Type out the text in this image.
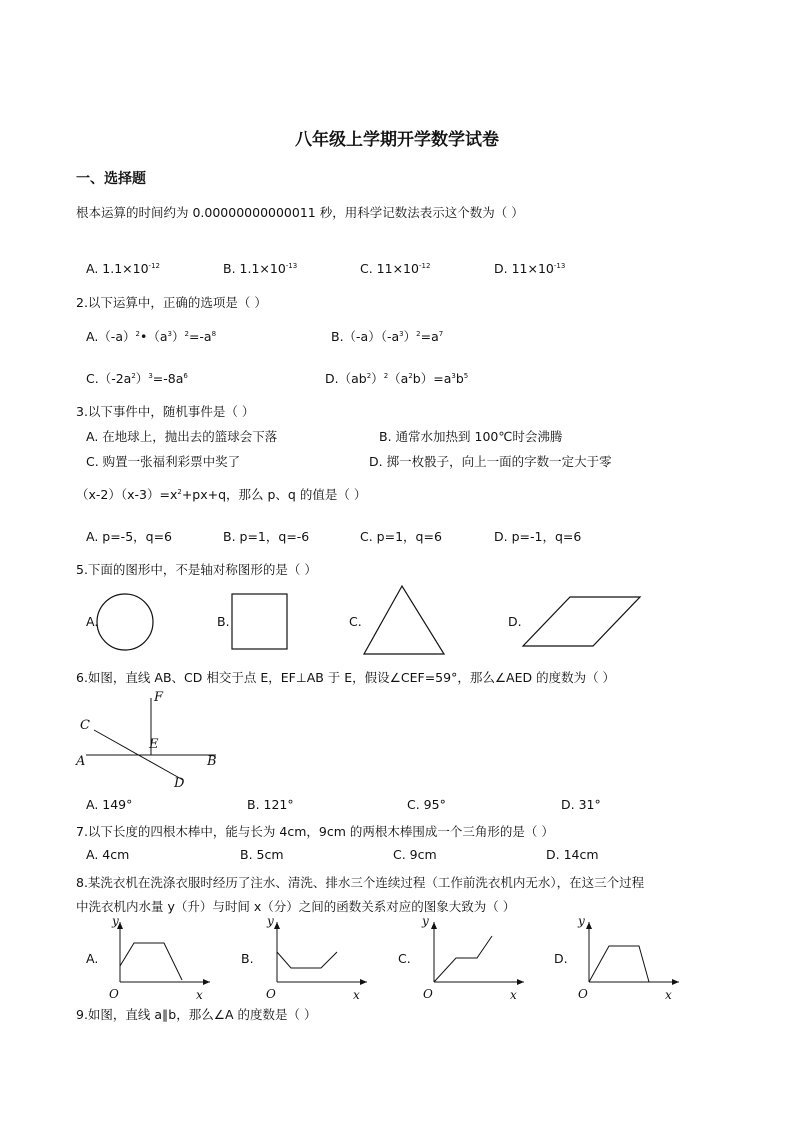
八年级上学期开学数学试卷
一、选择题
根本运算的时间约为 0.00000000000011 秒，用科学记数法表示这个数为（ ）
A. $1.1\times 10^{-12}$	B. $1.1\times 10^{-13}$	C. $11\times 10^{-12}$	D. $11\times 10^{-13}$
2.以下运算中，正确的选项是（ ）
$A.(-a)^2•(a^3)^2=-a^8$	$B.(-a)(-a^3)^2=a^7$
$C.(-2a^2)^3=-8a^6$	$D.(ab^2)^2(a^2b)=a^3b^5$
3.以下事件中，随机事件是（ ）
A. 在地球上，抛出去的篮球会下落	B. 通常水加热到 100℃时会沸腾
C. 购置一张福利彩票中奖了	D. 掷一枚骰子，向上一面的字数一定大于零
$(x-2)(x-3)=x^2+px+q$，那么 p、q 的值是（ ）
A. p=-5，q=6	B. p=1，q=-6	C. p=1，q=6	D. p=-1，q=6
5.下面的图形中，不是轴对称图形的是（ ）
A.	B.	C.	D.
6.如图，直线 AB、CD 相交于点 E，EF⊥AB 于 E，假设∠CEF=59°，那么∠AED 的度数为（ ）
F
C
E
A	B
D
A. 149°	B. 121°	C. 95°	D. 31°
7.以下长度的四根木棒中，能与长为 4cm，9cm 的两根木棒围成一个三角形的是（ ）
A. 4cm	B. 5cm	C. 9cm	D. 14cm
8.某洗衣机在洗涤衣服时经历了注水、清洗、排水三个连续过程（工作前洗衣机内无水），在这三个过程
中洗衣机内水量 y（升）与时间 x（分）之间的函数关系对应的图象大致为（ ）
A.
y
x
O
B.
y
x
O
C.
y
x
O
D.
y
x
O
9.如图，直线 a∥b，那么∠A 的度数是（ ）
